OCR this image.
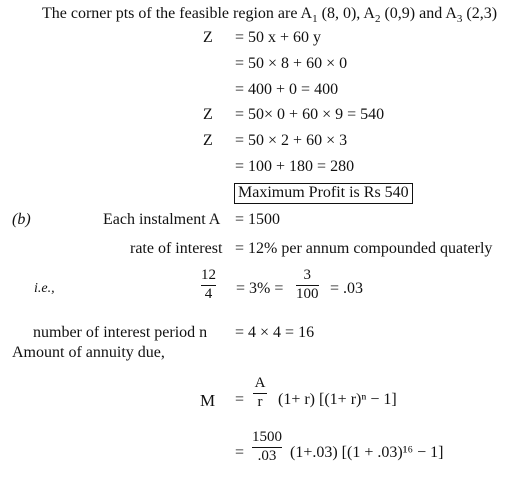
The corner pts of the feasible region are $A_1$ (8, 0), $A_2$ (0,9) and $A_3$ (2,3)
Z = 50 x + 60 y
= 50 × 8 + 60 × 0
= 400 + 0 = 400
Z = 50× 0 + 60 × 9 = 540
Z = 50 × 2 + 60 × 3
= 100 + 180 = 280
Maximum Profit is Rs 540
(b)	Each instalment A = 1500
rate of interest = 12% per annum compounded quaterly
i.e.,
12
4 = 3% =
3
100 = .03
number of interest period n = 4 × 4 = 16
Amount of annuity due,
M =
A
r (1+ r) [(1+ r)ⁿ − 1]
=
1500
.03 (1+.03) [(1 + .03)¹⁶ − 1]
